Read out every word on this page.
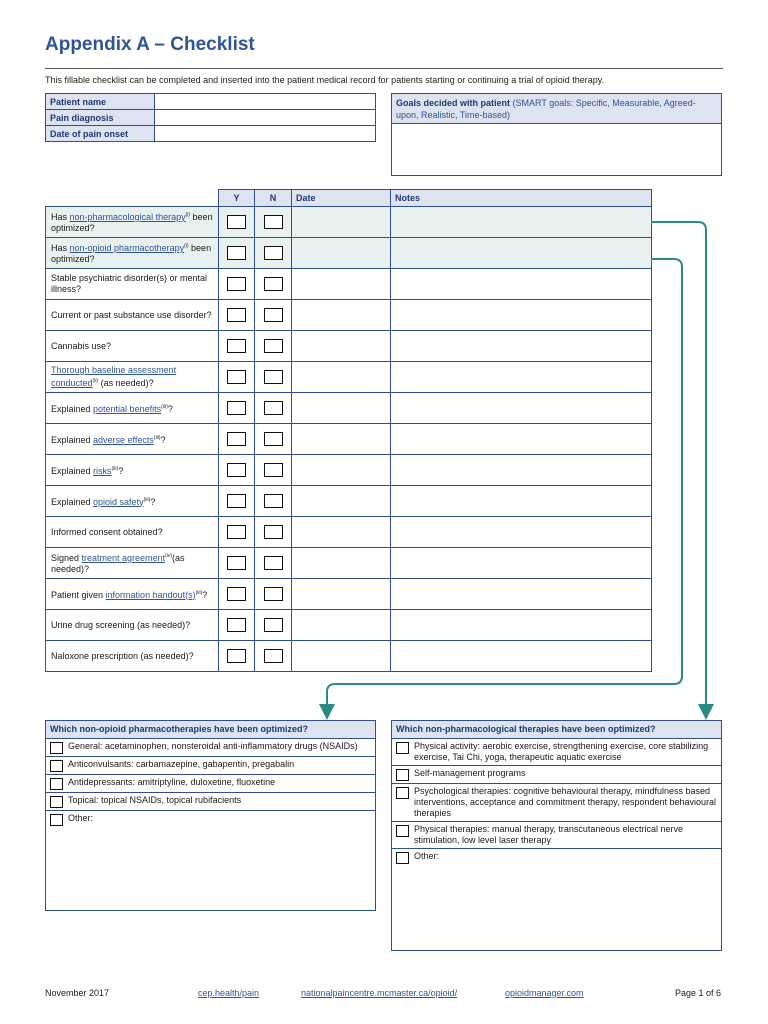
Appendix A – Checklist
This fillable checklist can be completed and inserted into the patient medical record for patients starting or continuing a trial of opioid therapy.
Patient name	
Pain diagnosis	
Date of pain onset	
Goals decided with patient (SMART goals: Specific, Measurable, Agreed-upon, Realistic, Time-based)
	Y	N	Date	Notes
Has non-pharmacological therapy$^{(i)}$ been optimized?				
Has non-opioid pharmacotherapy$^{(i)}$ been optimized?				
Stable psychiatric disorder(s) or mental illness?				
Current or past substance use disorder?				
Cannabis use?				
Thorough baseline assessment conducted$^{(ii)}$ (as needed)?				
Explained potential benefits$^{(iii)}$?				
Explained adverse effects$^{(iii)}$?				
Explained risks$^{(iii)}$?				
Explained opioid safety$^{(iii)}$?				
Informed consent obtained?				
Signed treatment agreement$^{(iv)}$(as needed)?				
Patient given information $handout(s)^{(iii)}$?				
Urine drug screening (as needed)?				
Naloxone prescription (as needed)?				
Which non-opioid pharmacotherapies have been optimized?
General: acetaminophen, nonsteroidal anti-inflammatory drugs (NSAIDs)
Anticonvulsants: carbamazepine, gabapentin, pregabalin
Antidepressants: amitriptyline, duloxetine, fluoxetine
Topical: topical NSAIDs, topical rubifacients
Other:
Which non-pharmacological therapies have been optimized?
Physical activity: aerobic exercise, strengthening exercise, core stabilizing exercise, Tai Chi, yoga, therapeutic aquatic exercise
Self-management programs
Psychological therapies: cognitive behavioural therapy, mindfulness based interventions, acceptance and commitment therapy, respondent behavioural therapies
Physical therapies: manual therapy, transcutaneous electrical nerve stimulation, low level laser therapy
Other:
November 2017	cep.health/pain	nationalpaincentre.mcmaster.ca/opioid/	opioidmanager.com	Page 1 of 6
